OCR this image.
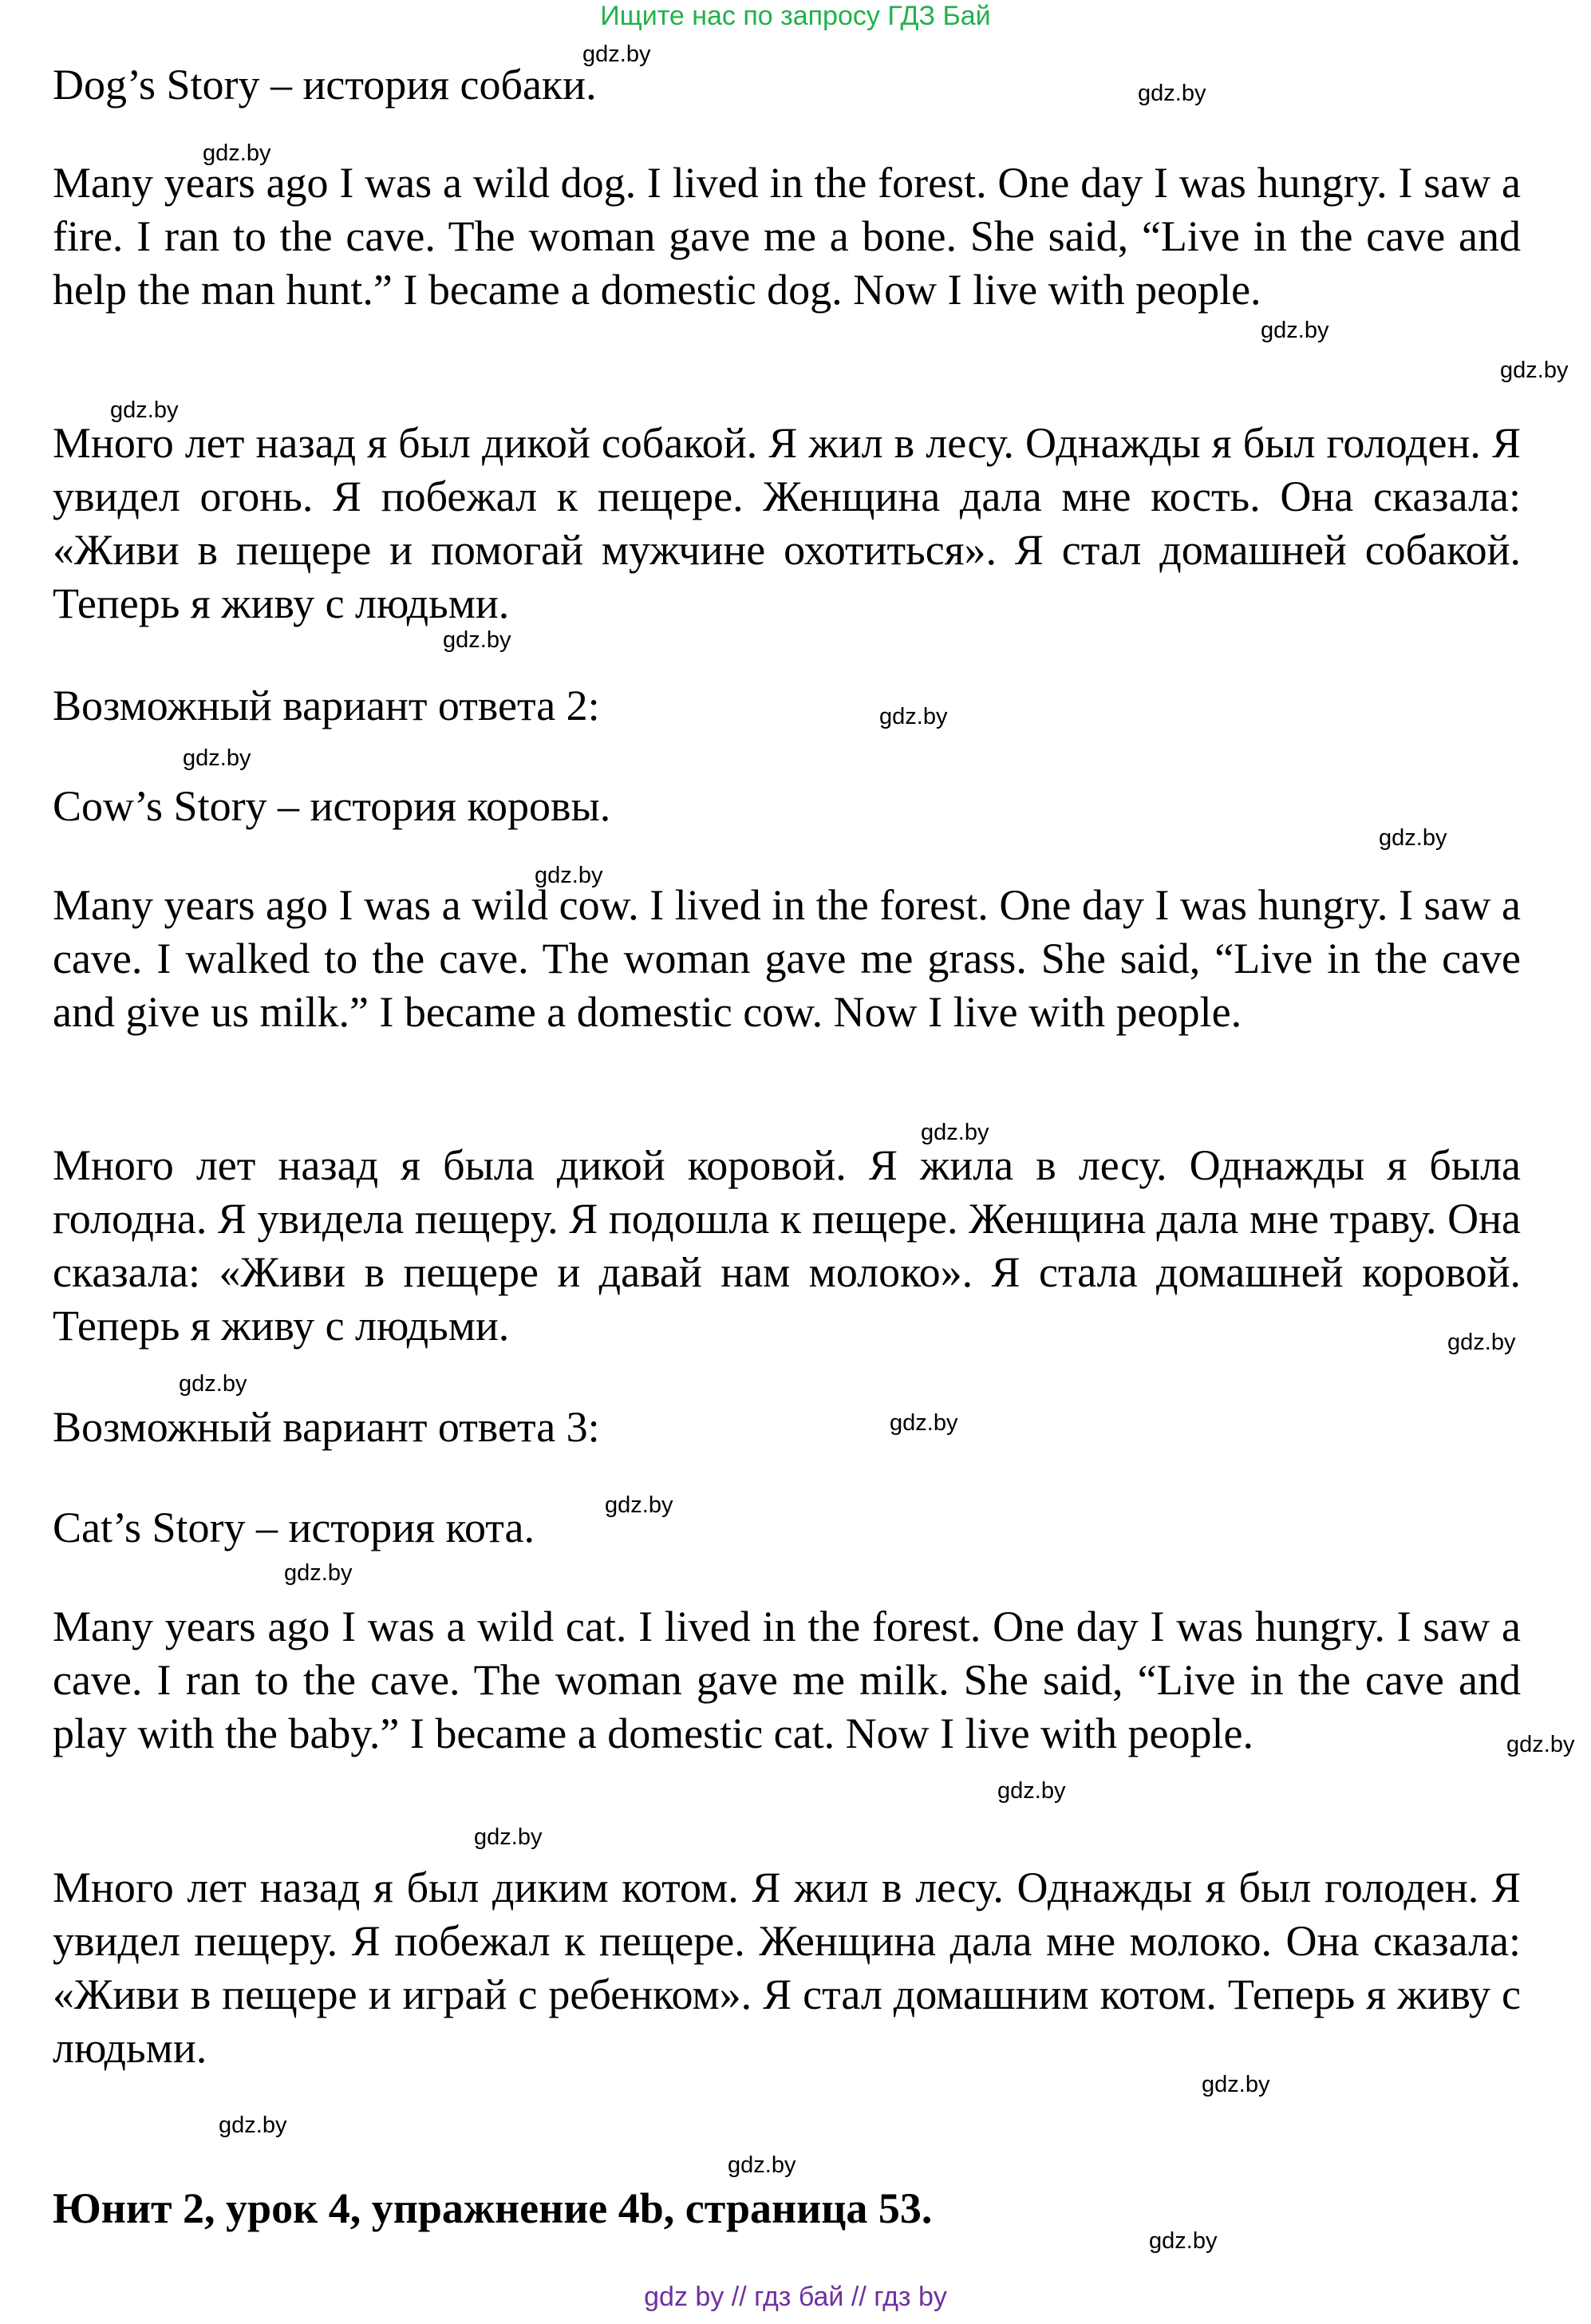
Ищите нас по запросу ГДЗ Бай
Dog’s Story – история собаки.
Many years ago I was a wild dog. I lived in the forest. One day I was hungry. I saw a fire. I ran to the cave. The woman gave me a bone. She said, “Live in the cave and help the man hunt.” I became a domestic dog. Now I live with people.
Много лет назад я был дикой собакой. Я жил в лесу. Однажды я был голоден. Я увидел огонь. Я побежал к пещере. Женщина дала мне кость. Она сказала: «Живи в пещере и помогай мужчине охотиться». Я стал домашней собакой. Теперь я живу с людьми.
Возможный вариант ответа 2:
Cow’s Story – история коровы.
Many years ago I was a wild cow. I lived in the forest. One day I was hungry. I saw a cave. I walked to the cave. The woman gave me grass. She said, “Live in the cave and give us milk.” I became a domestic cow. Now I live with people.
Много лет назад я была дикой коровой. Я жила в лесу. Однажды я была голодна. Я увидела пещеру. Я подошла к пещере. Женщина дала мне траву. Она сказала: «Живи в пещере и давай нам молоко». Я стала домашней коровой. Теперь я живу с людьми.
Возможный вариант ответа 3:
Cat’s Story – история кота.
Many years ago I was a wild cat. I lived in the forest. One day I was hungry. I saw a cave. I ran to the cave. The woman gave me milk. She said, “Live in the cave and play with the baby.” I became a domestic cat. Now I live with people.
Много лет назад я был диким котом. Я жил в лесу. Однажды я был голоден. Я увидел пещеру. Я побежал к пещере. Женщина дала мне молоко. Она сказала: «Живи в пещере и играй с ребенком». Я стал домашним котом. Теперь я живу с людьми.
Юнит 2, урок 4, упражнение 4b, страница 53.
gdz.by
gdz.by
gdz.by
gdz.by
gdz.by
gdz.by
gdz.by
gdz.by
gdz.by
gdz.by
gdz.by
gdz.by
gdz.by
gdz.by
gdz.by
gdz.by
gdz.by
gdz.by
gdz.by
gdz.by
gdz.by
gdz.by
gdz.by
gdz.by
gdz by // гдз бай // гдз by
